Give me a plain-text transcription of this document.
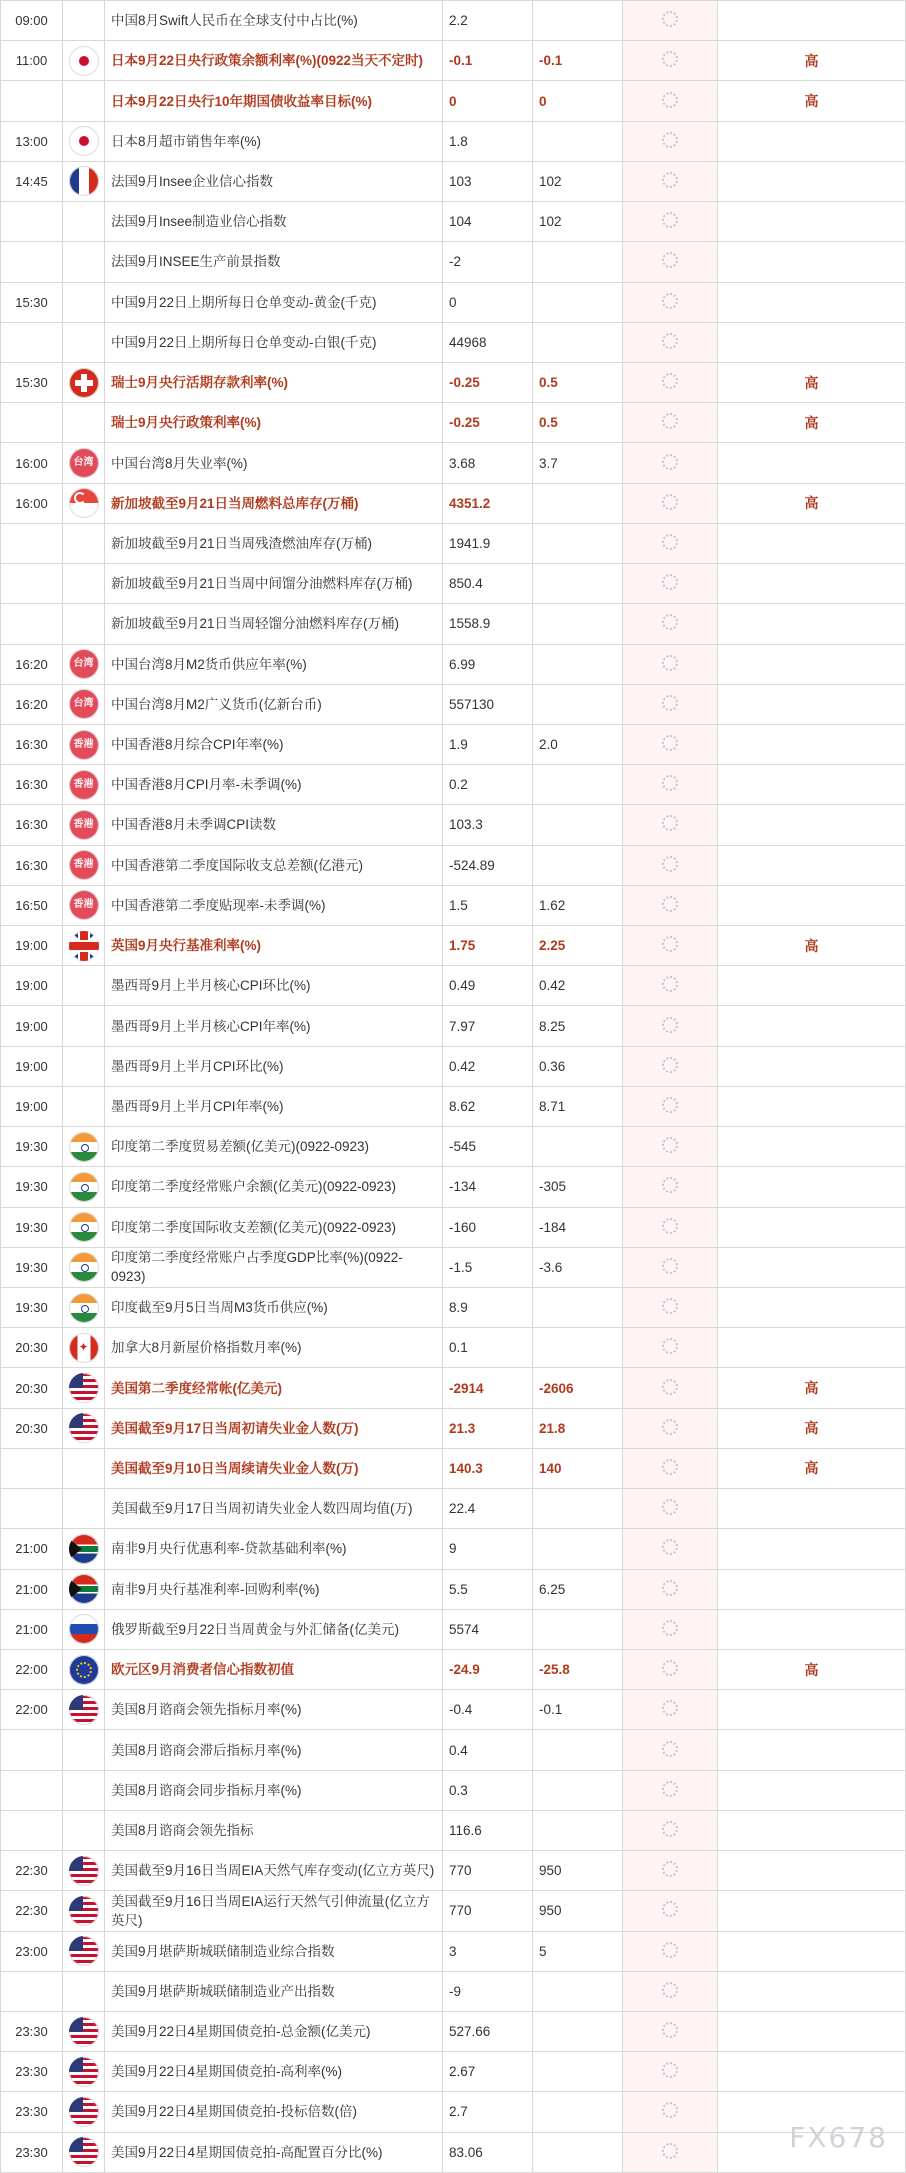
09:00		中国8月Swift人民币在全球支付中占比(%)	2.2			
11:00		日本9月22日央行政策余额利率(%)(0922当天不定时)	-0.1	-0.1		高
		日本9月22日央行10年期国债收益率目标(%)	0	0		高
13:00		日本8月超市销售年率(%)	1.8			
14:45		法国9月Insee企业信心指数	103	102		
		法国9月Insee制造业信心指数	104	102		
		法国9月INSEE生产前景指数	-2			
15:30		中国9月22日上期所每日仓单变动-黄金(千克)	0			
		中国9月22日上期所每日仓单变动-白银(千克)	44968			
15:30		瑞士9月央行活期存款利率(%)	-0.25	0.5		高
		瑞士9月央行政策利率(%)	-0.25	0.5		高
16:00	台湾	中国台湾8月失业率(%)	3.68	3.7		
16:00		新加坡截至9月21日当周燃料总库存(万桶)	4351.2			高
		新加坡截至9月21日当周残渣燃油库存(万桶)	1941.9			
		新加坡截至9月21日当周中间馏分油燃料库存(万桶)	850.4			
		新加坡截至9月21日当周轻馏分油燃料库存(万桶)	1558.9			
16:20	台湾	中国台湾8月M2货币供应年率(%)	6.99			
16:20	台湾	中国台湾8月M2广义货币(亿新台币)	557130			
16:30	香港	中国香港8月综合CPI年率(%)	1.9	2.0		
16:30	香港	中国香港8月CPI月率-未季调(%)	0.2			
16:30	香港	中国香港8月未季调CPI读数	103.3			
16:30	香港	中国香港第二季度国际收支总差额(亿港元)	-524.89			
16:50	香港	中国香港第二季度贴现率-未季调(%)	1.5	1.62		
19:00		英国9月央行基准利率(%)	1.75	2.25		高
19:00		墨西哥9月上半月核心CPI环比(%)	0.49	0.42		
19:00		墨西哥9月上半月核心CPI年率(%)	7.97	8.25		
19:00		墨西哥9月上半月CPI环比(%)	0.42	0.36		
19:00		墨西哥9月上半月CPI年率(%)	8.62	8.71		
19:30		印度第二季度贸易差额(亿美元)(0922-0923)	-545			
19:30		印度第二季度经常账户余额(亿美元)(0922-0923)	-134	-305		
19:30		印度第二季度国际收支差额(亿美元)(0922-0923)	-160	-184		
19:30		印度第二季度经常账户占季度GDP比率(%)(0922-0923)	-1.5	-3.6		
19:30		印度截至9月5日当周M3货币供应(%)	8.9			
20:30	✦	加拿大8月新屋价格指数月率(%)	0.1			
20:30		美国第二季度经常帐(亿美元)	-2914	-2606		高
20:30		美国截至9月17日当周初请失业金人数(万)	21.3	21.8		高
		美国截至9月10日当周续请失业金人数(万)	140.3	140		高
		美国截至9月17日当周初请失业金人数四周均值(万)	22.4			
21:00		南非9月央行优惠利率-贷款基础利率(%)	9			
21:00		南非9月央行基准利率-回购利率(%)	5.5	6.25		
21:00		俄罗斯截至9月22日当周黄金与外汇储备(亿美元)	5574			
22:00		欧元区9月消费者信心指数初值	-24.9	-25.8		高
22:00		美国8月谘商会领先指标月率(%)	-0.4	-0.1		
		美国8月谘商会滞后指标月率(%)	0.4			
		美国8月谘商会同步指标月率(%)	0.3			
		美国8月谘商会领先指标	116.6			
22:30		美国截至9月16日当周EIA天然气库存变动(亿立方英尺)	770	950		
22:30		美国截至9月16日当周EIA运行天然气引伸流量(亿立方英尺)	770	950		
23:00		美国9月堪萨斯城联储制造业综合指数	3	5		
		美国9月堪萨斯城联储制造业产出指数	-9			
23:30		美国9月22日4星期国债竞拍-总金额(亿美元)	527.66			
23:30		美国9月22日4星期国债竞拍-高利率(%)	2.67			
23:30		美国9月22日4星期国债竞拍-投标倍数(倍)	2.7			
23:30		美国9月22日4星期国债竞拍-高配置百分比(%)	83.06				FX678
